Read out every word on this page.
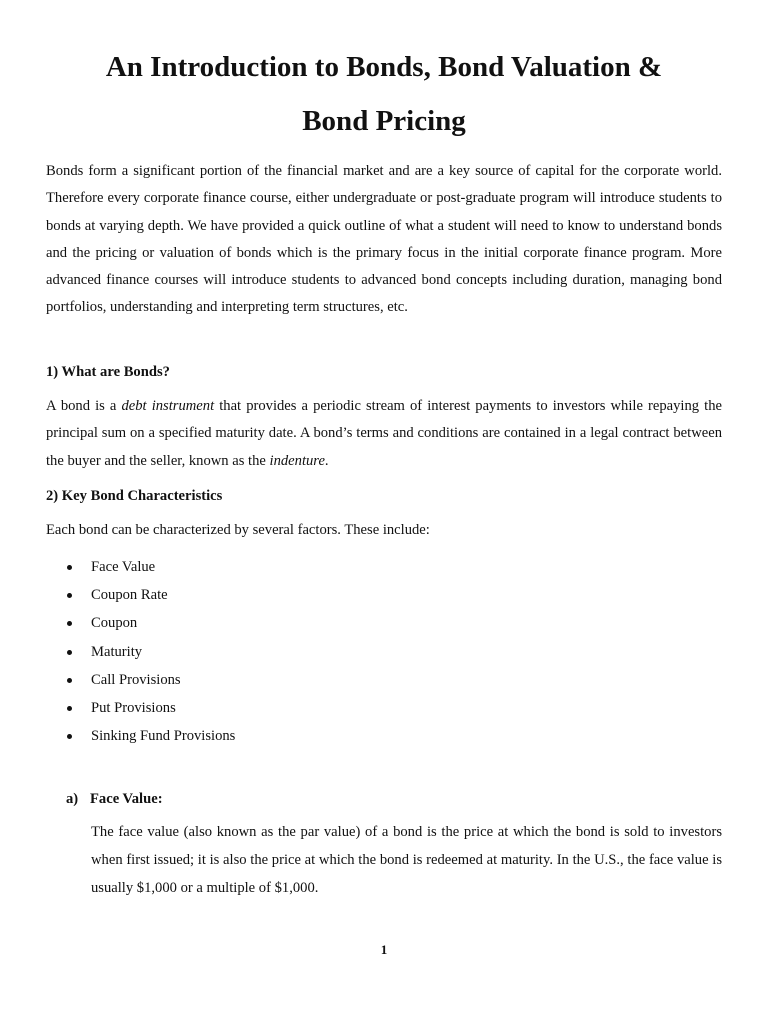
An Introduction to Bonds, Bond Valuation &
Bond Pricing

Bonds form a significant portion of the financial market and are a key source of capital for the corporate world. Therefore every corporate finance course, either undergraduate or post-graduate program will introduce students to bonds at varying depth. We have provided a quick outline of what a student will need to know to understand bonds and the pricing or valuation of bonds which is the primary focus in the initial corporate finance program. More advanced finance courses will introduce students to advanced bond concepts including duration, managing bond portfolios, understanding and interpreting term structures, etc.

1) What are Bonds?

A bond is a debt instrument that provides a periodic stream of interest payments to investors while repaying the principal sum on a specified maturity date. A bond’s terms and conditions are contained in a legal contract between the buyer and the seller, known as the indenture.

2) Key Bond Characteristics

Each bond can be characterized by several factors. These include:

Face Value
Coupon Rate
Coupon
Maturity
Call Provisions
Put Provisions
Sinking Fund Provisions
a) Face Value:

The face value (also known as the par value) of a bond is the price at which the bond is sold to investors when first issued; it is also the price at which the bond is redeemed at maturity. In the U.S., the face value is usually $1,000 or a multiple of $1,000.

1
